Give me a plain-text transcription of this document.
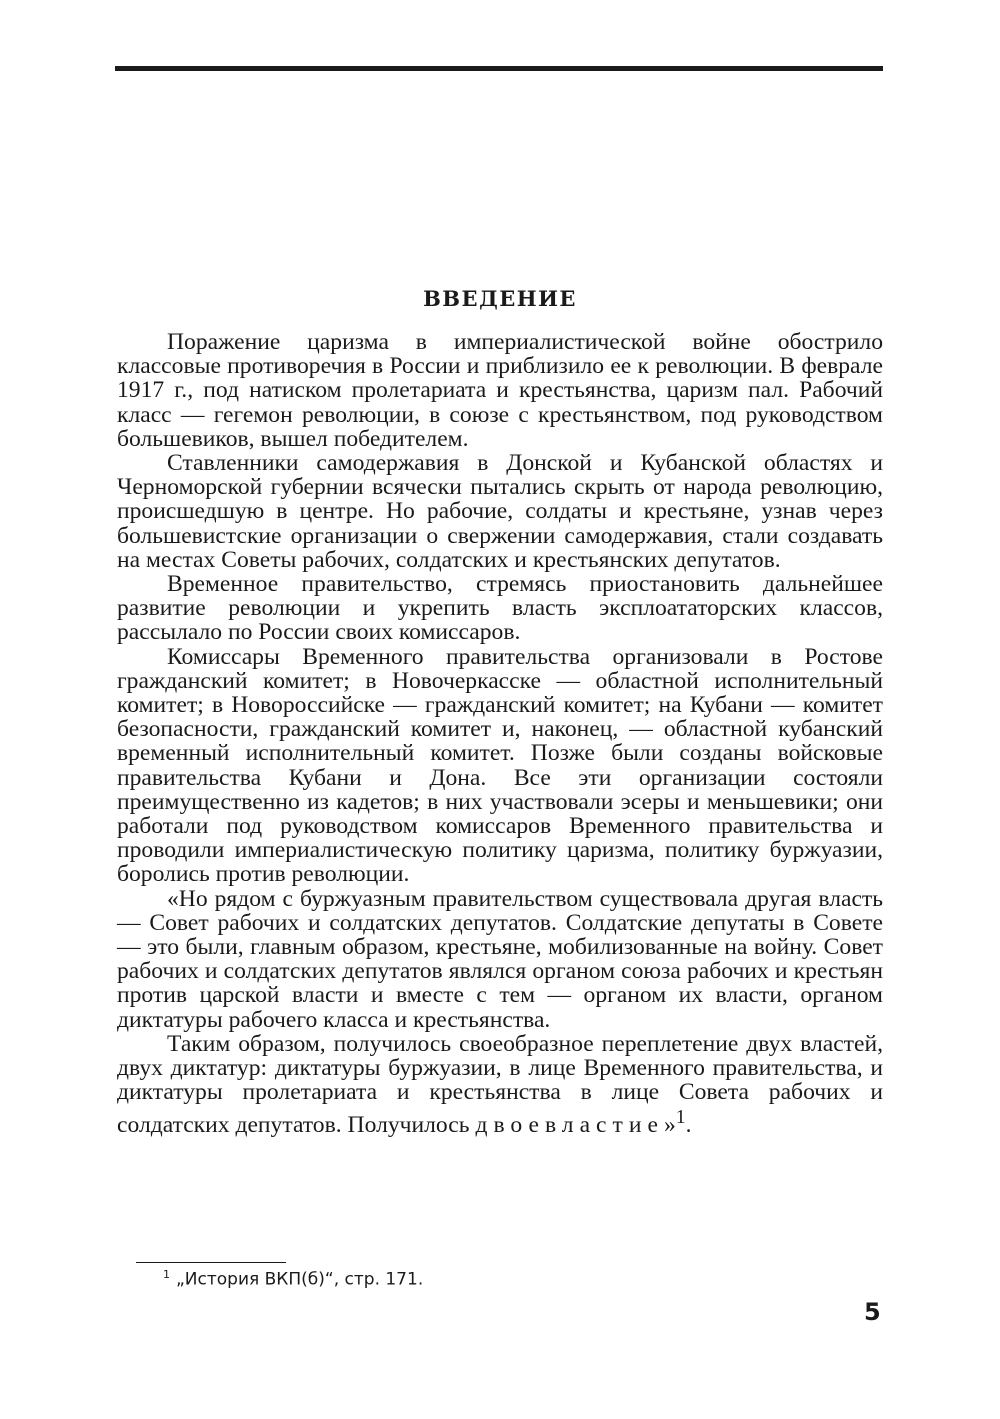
ВВЕДЕНИЕ

Поражение царизма в империалистической войне обострило классовые противоречия в России и приблизило ее к революции. В феврале 1917 г., под натиском пролетариата и крестьянства, царизм пал. Рабочий класс — гегемон революции, в союзе с крестьянством, под руководством большевиков, вышел победителем.

Ставленники самодержавия в Донской и Кубанской областях и Черноморской губернии всячески пытались скрыть от народа революцию, происшедшую в центре. Но рабочие, солдаты и крестьяне, узнав через большевистские организации о свержении самодержавия, стали создавать на местах Советы рабочих, солдатских и крестьянских депутатов.

Временное правительство, стремясь приостановить дальнейшее развитие революции и укрепить власть эксплоататорских классов, рассылало по России своих комиссаров.

Комиссары Временного правительства организовали в Ростове гражданский комитет; в Новочеркасске — областной исполнительный комитет; в Новороссийске — гражданский комитет; на Кубани — комитет безопасности, гражданский комитет и, наконец, — областной кубанский временный исполнительный комитет. Позже были созданы войсковые правительства Кубани и Дона. Все эти организации состояли преимущественно из кадетов; в них участвовали эсеры и меньшевики; они работали под руководством комиссаров Временного правительства и проводили империалистическую политику царизма, политику буржуазии, боролись против революции.

«Но рядом с буржуазным правительством существовала другая власть — Совет рабочих и солдатских депутатов. Солдатские депутаты в Совете — это были, главным образом, крестьяне, мобилизованные на войну. Совет рабочих и солдатских депутатов являлся органом союза рабочих и крестьян против царской власти и вместе с тем — органом их власти, органом диктатуры рабочего класса и крестьянства.

Таким образом, получилось своеобразное переплетение двух властей, двух диктатур: диктатуры буржуазии, в лице Временного правительства, и диктатуры пролетариата и крестьянства в лице Совета рабочих и солдатских депутатов. Получилось двоевластие»$^1$.

$^1$ „История ВКП(б)“, стр. 171.

5
